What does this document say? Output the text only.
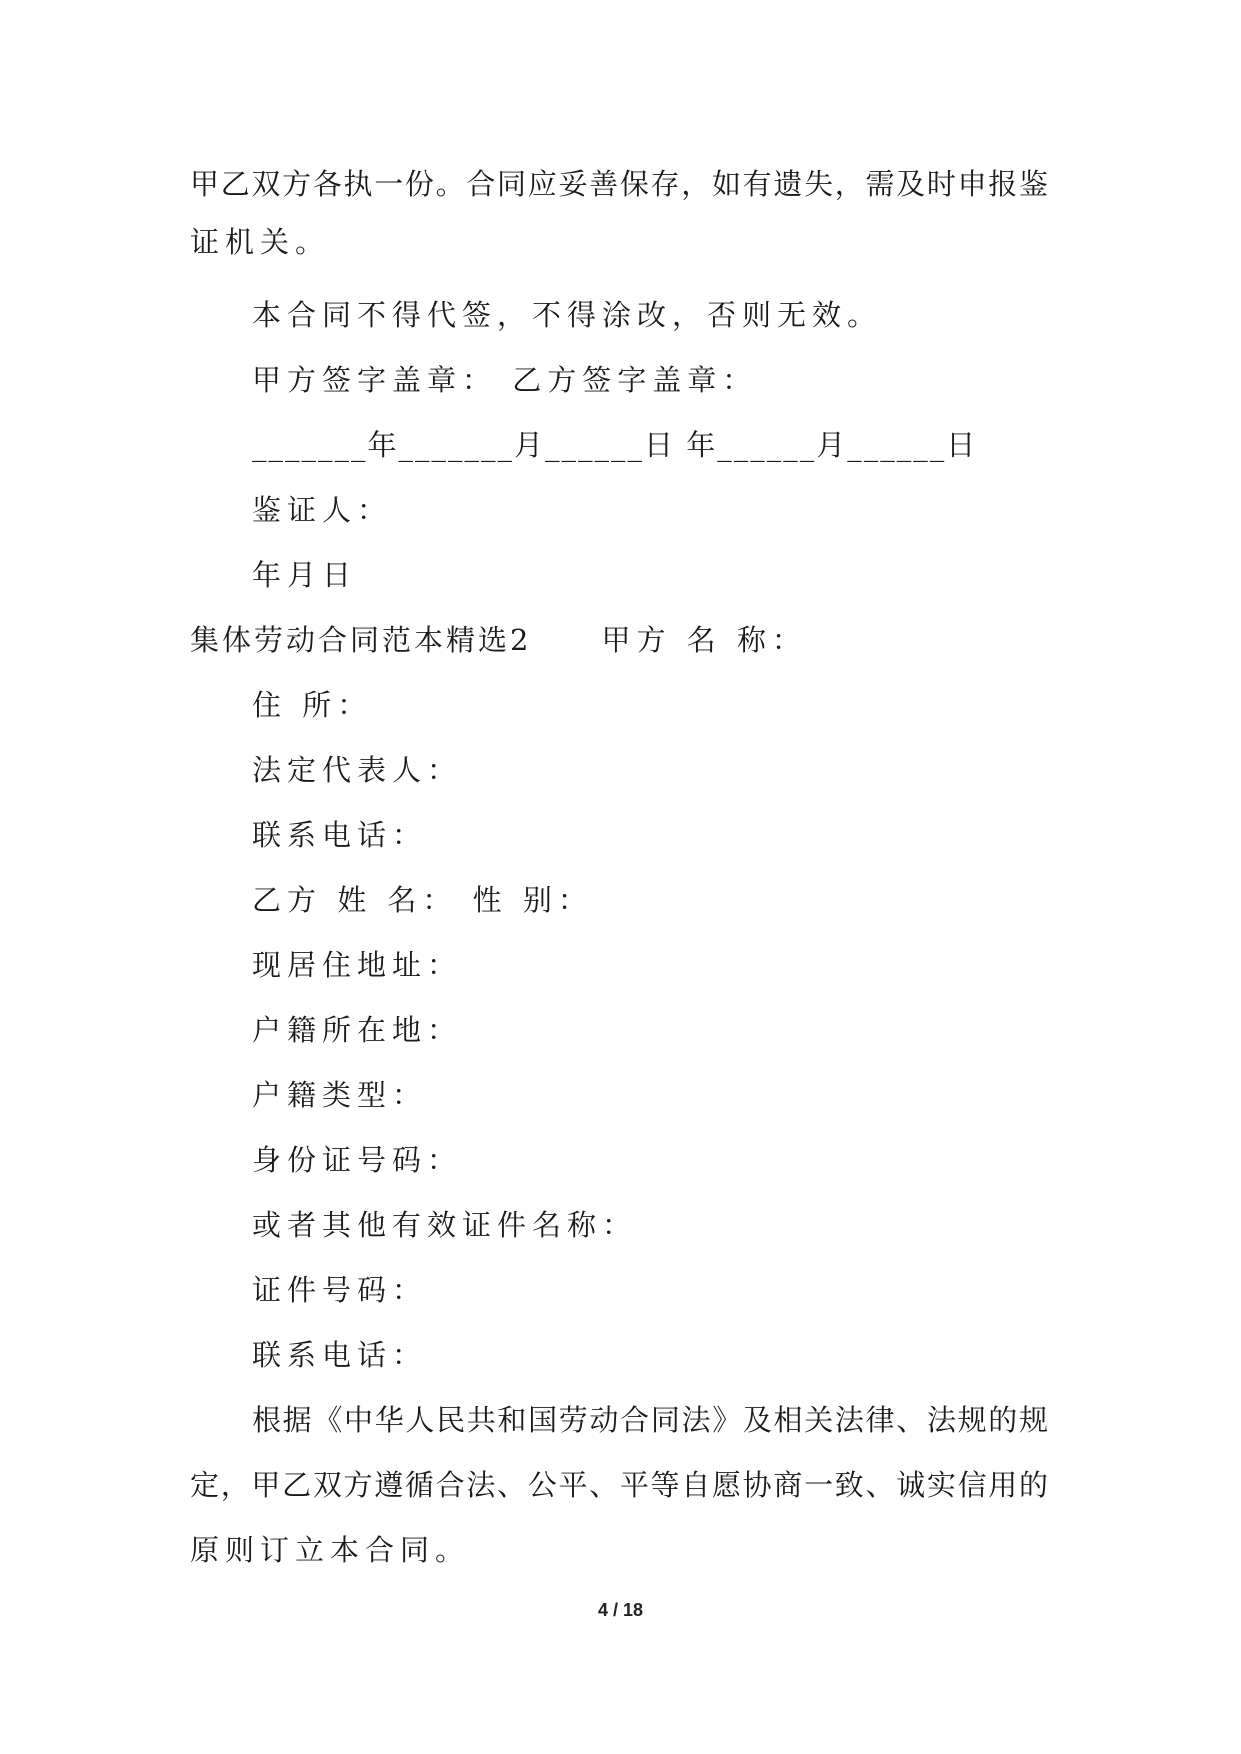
甲乙双方各执一份。合同应妥善保存，如有遗失，需及时申报鉴
证机关。
本合同不得代签，不得涂改，否则无效。
甲方签字盖章： 乙方签字盖章：
_______年_______月______日 年______月______日
鉴证人：
年月日
集体劳动合同范本精选2 甲方 名 称：
住 所：
法定代表人：
联系电话：
乙方 姓 名： 性 别：
现居住地址：
户籍所在地：
户籍类型：
身份证号码：
或者其他有效证件名称：
证件号码：
联系电话：
根据《中华人民共和国劳动合同法》及相关法律、法规的规
定，甲乙双方遵循合法、公平、平等自愿协商一致、诚实信用的
原则订立本合同。
4 / 18
